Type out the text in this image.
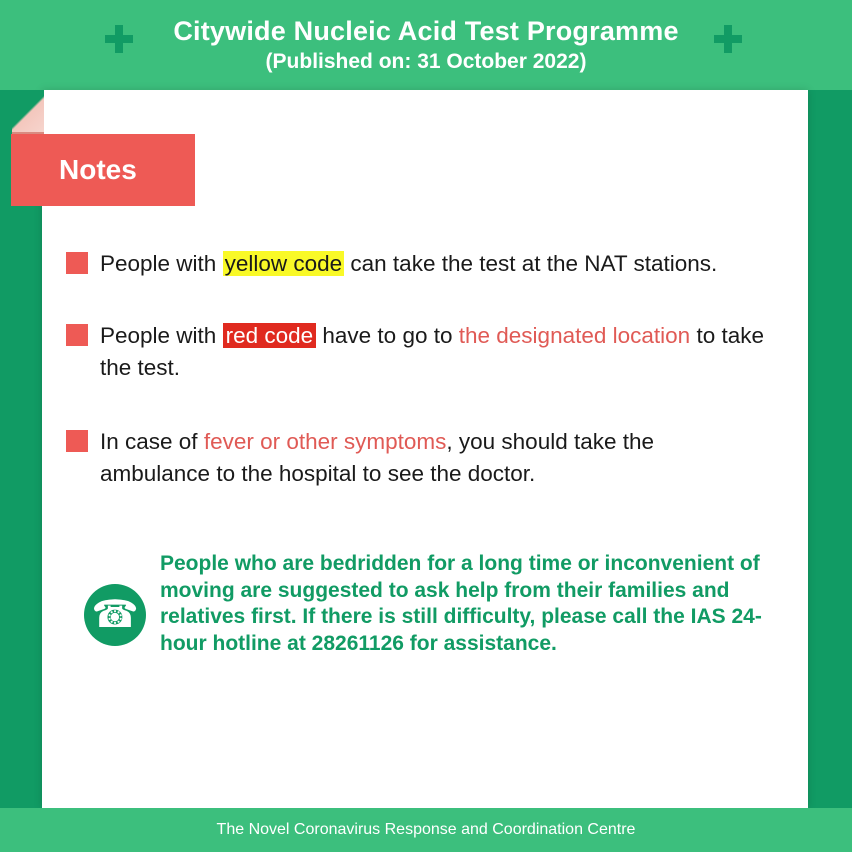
Citywide Nucleic Acid Test Programme
(Published on: 31 October 2022)
Notes
People with yellow code can take the test at the NAT stations.
People with red code have to go to the designated location to take the test.
In case of fever or other symptoms, you should take the ambulance to the hospital to see the doctor.
☎
People who are bedridden for a long time or inconvenient of moving are suggested to ask help from their families and relatives first. If there is still difficulty, please call the IAS 24-hour hotline at 28261126 for assistance.
The Novel Coronavirus Response and Coordination Centre
